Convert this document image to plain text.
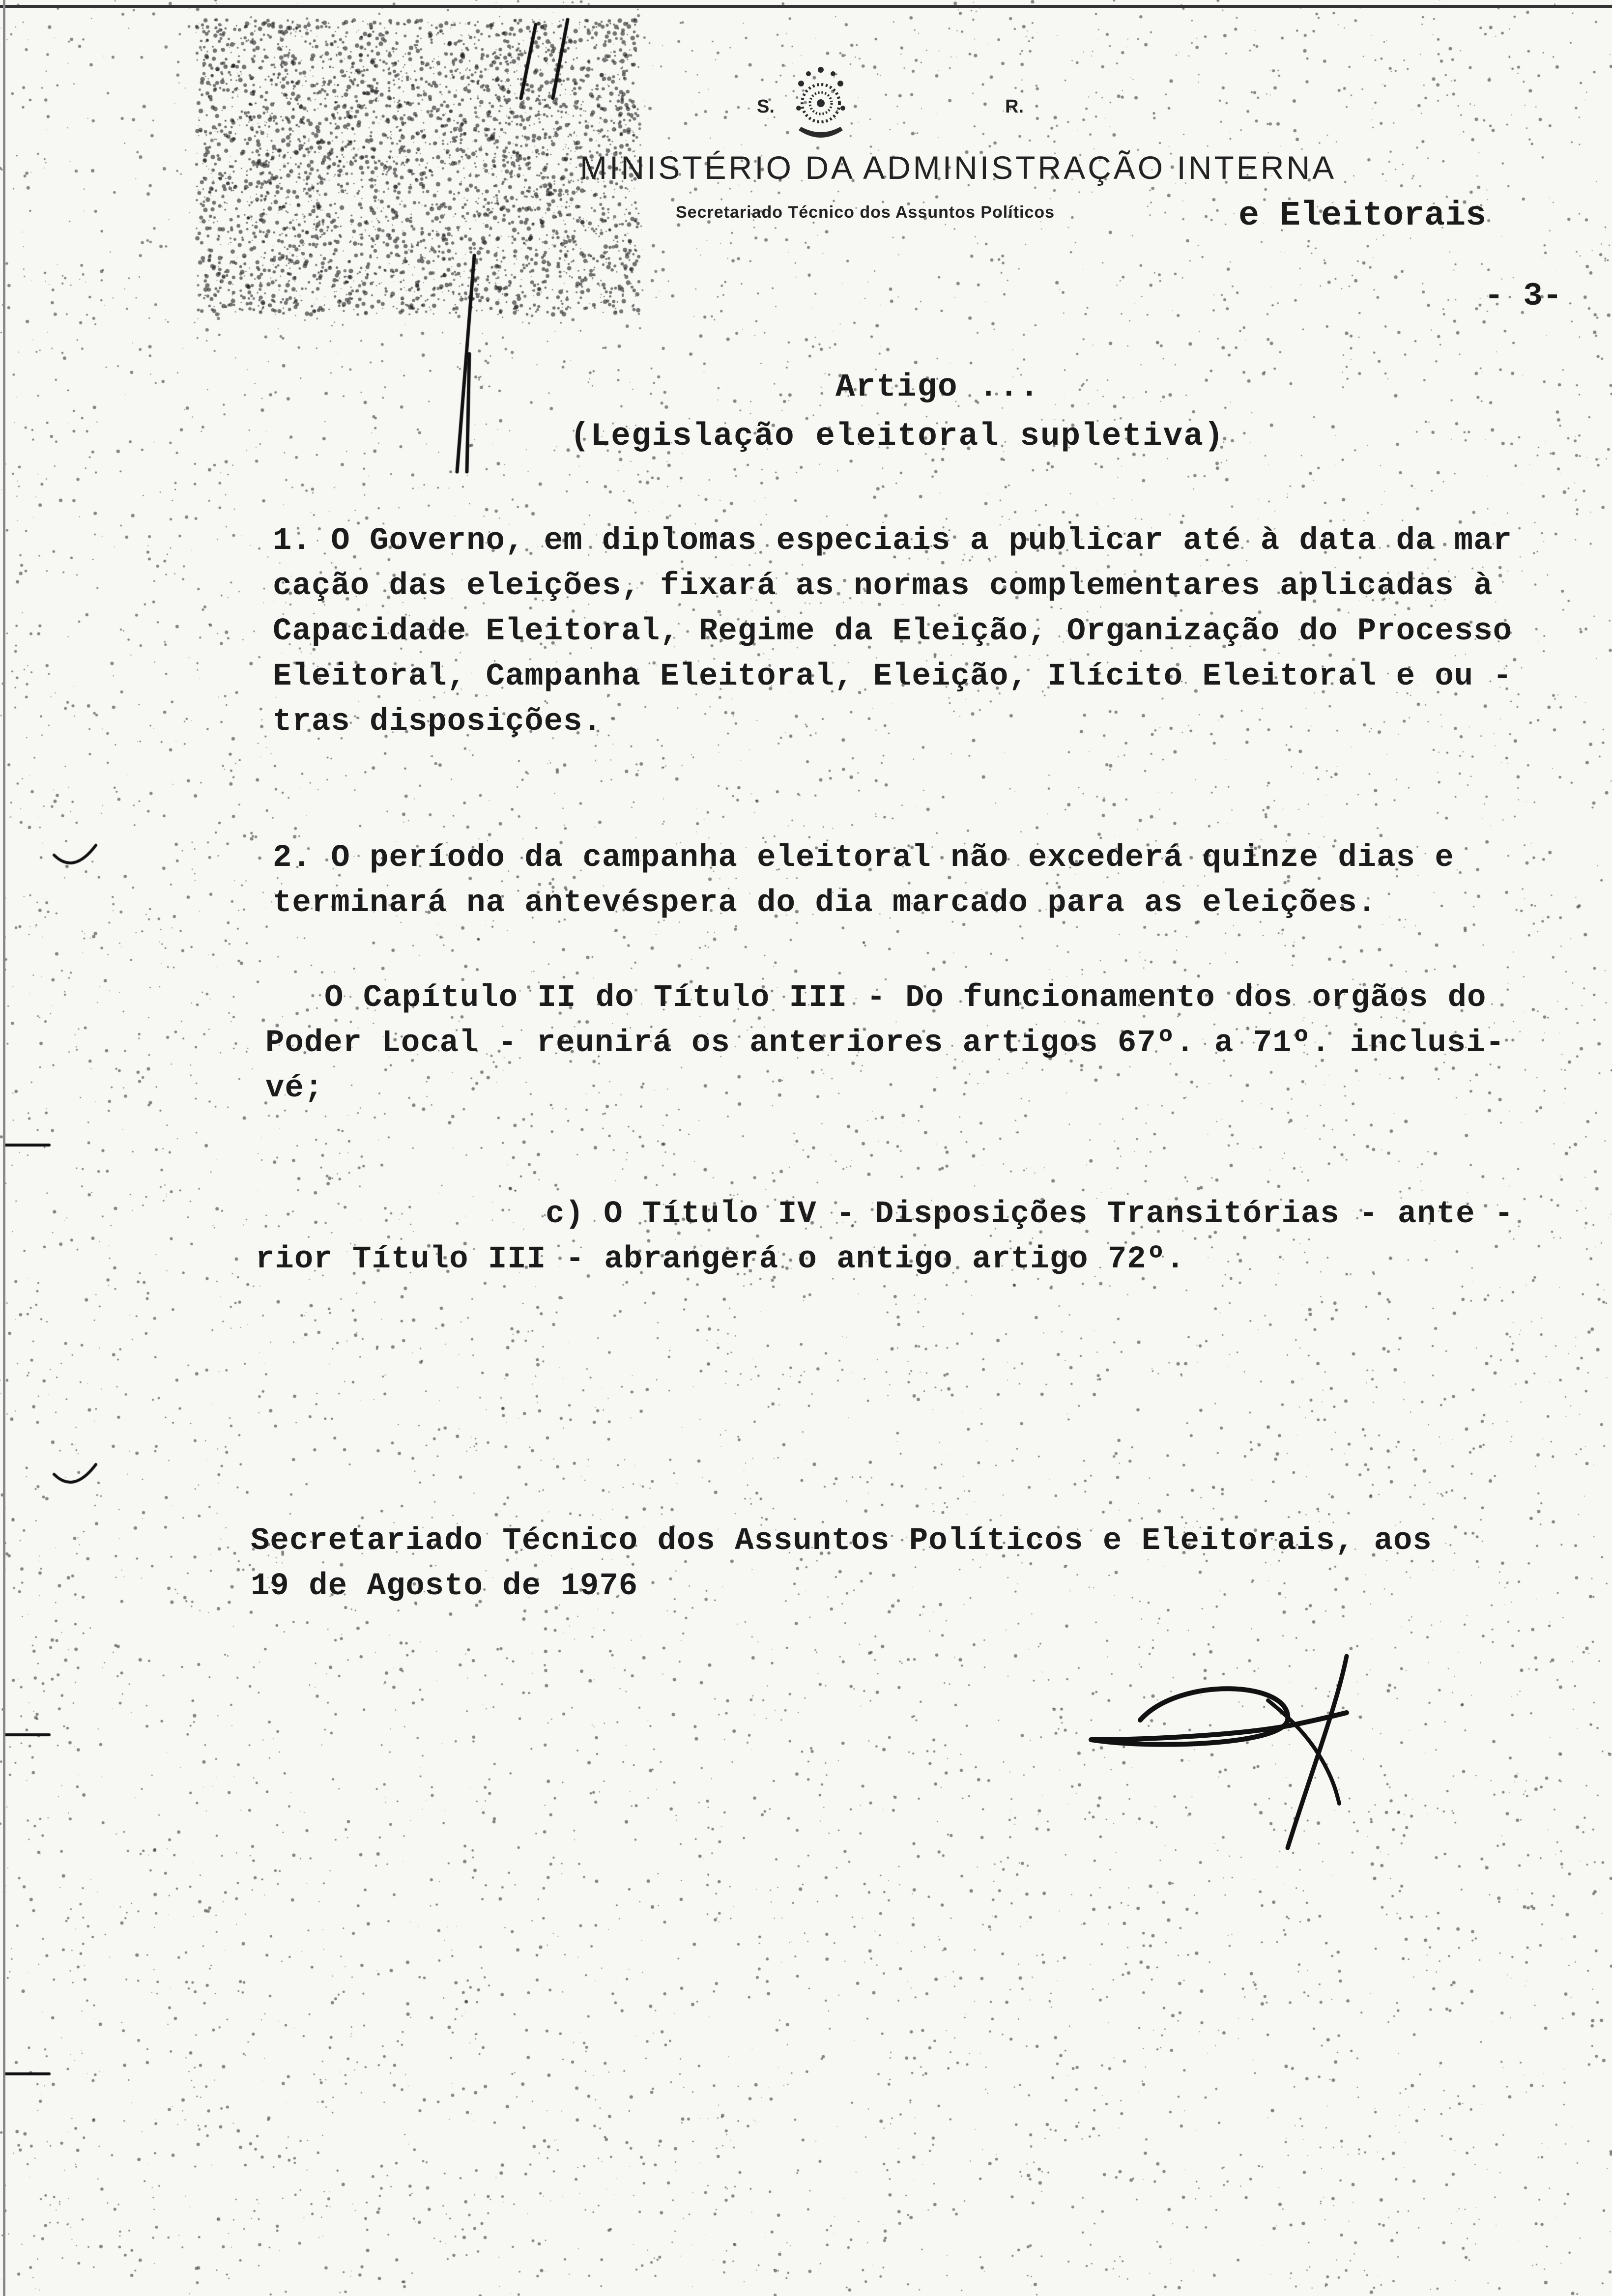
S.	R.
MINISTÉRIO DA ADMINISTRAÇÃO INTERNA
Secretariado Técnico dos Assuntos Políticos	e Eleitorais
- 3-
Artigo ...
(Legislação eleitoral supletiva)
1. O Governo, em diplomas especiais a publicar até à data da mar
cação das eleições, fixará as normas complementares aplicadas à
Capacidade Eleitoral, Regime da Eleição, Organização do Processo
Eleitoral, Campanha Eleitoral, Eleição, Ilícito Eleitoral e ou -
tras disposições.
2. O período da campanha eleitoral não excederá quinze dias e
terminará na antevéspera do dia marcado para as eleições.
O Capítulo II do Título III - Do funcionamento dos orgãos do
Poder Local - reunirá os anteriores artigos 67º. a 71º. inclusi-
vé;
c) O Título IV - Disposições Transitórias - ante -
rior Título III - abrangerá o antigo artigo 72º.
Secretariado Técnico dos Assuntos Políticos e Eleitorais, aos
19 de Agosto de 1976
